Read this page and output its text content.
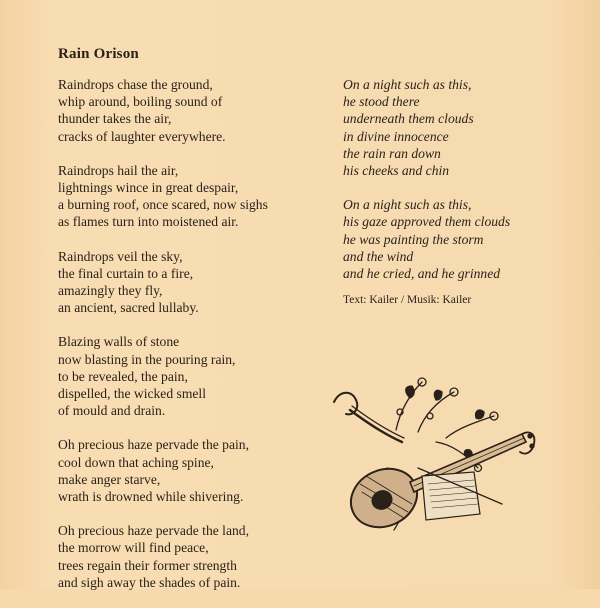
Rain Orison
Raindrops chase the ground,
whip around, boiling sound of
thunder takes the air,
cracks of laughter everywhere.
Raindrops hail the air,
lightnings wince in great despair,
a burning roof, once scared, now sighs
as flames turn into moistened air.
Raindrops veil the sky,
the final curtain to a fire,
amazingly they fly,
an ancient, sacred lullaby.
Blazing walls of stone
now blasting in the pouring rain,
to be revealed, the pain,
dispelled, the wicked smell
of mould and drain.
Oh precious haze pervade the pain,
cool down that aching spine,
make anger starve,
wrath is drowned while shivering.
Oh precious haze pervade the land,
the morrow will find peace,
trees regain their former strength
and sigh away the shades of pain.
On a night such as this,
he stood there
underneath them clouds
in divine innocence
the rain ran down
his cheeks and chin
On a night such as this,
his gaze approved them clouds
he was painting the storm
and the wind
and he cried, and he grinned
Text: Kailer / Musik: Kailer
